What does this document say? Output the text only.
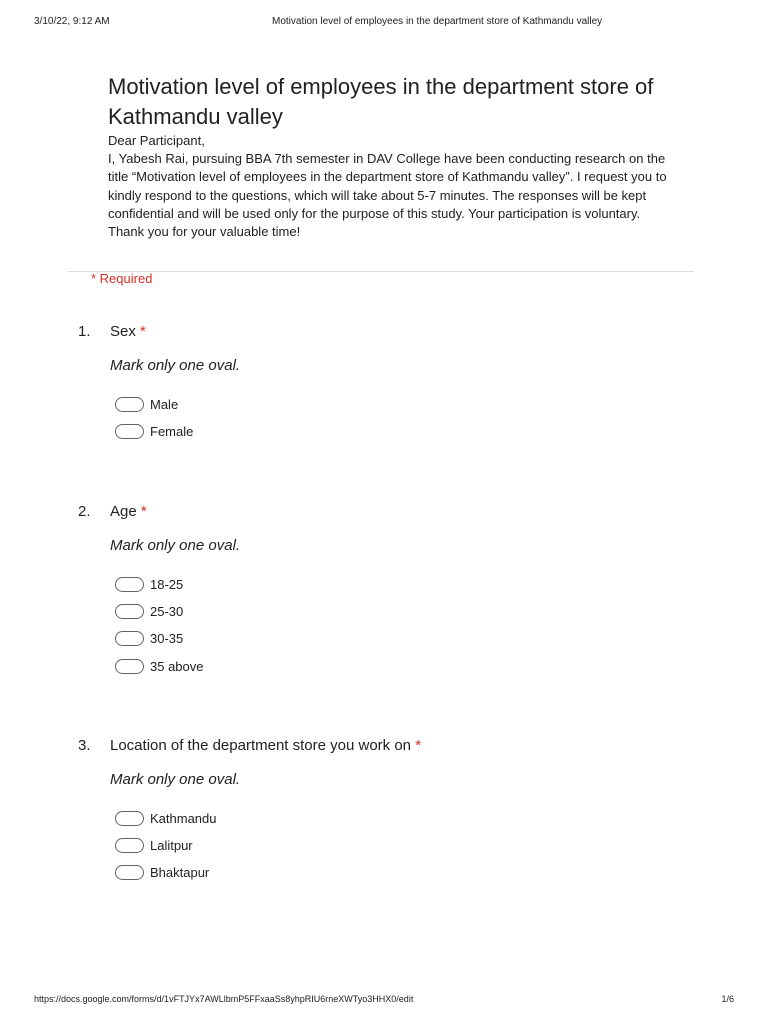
3/10/22, 9:12 AM	Motivation level of employees in the department store of Kathmandu valley
Motivation level of employees in the department store of Kathmandu valley

Dear Participant,

I, Yabesh Rai, pursuing BBA 7th semester in DAV College have been conducting research on the title “Motivation level of employees in the department store of Kathmandu valley”. I request you to kindly respond to the questions, which will take about 5-7 minutes. The responses will be kept confidential and will be used only for the purpose of this study. Your participation is voluntary.

Thank you for your valuable time!

* Required
1. Sex *
Mark only one oval.
Male
Female
2. Age *
Mark only one oval.
18-25
25-30
30-35
35 above
3. Location of the department store you work on *
Mark only one oval.
Kathmandu
Lalitpur
Bhaktapur
https://docs.google.com/forms/d/1vFTJYx7AWLlbmP5FFxaaSs8yhpRIU6rneXWTyo3HHX0/edit	1/6
